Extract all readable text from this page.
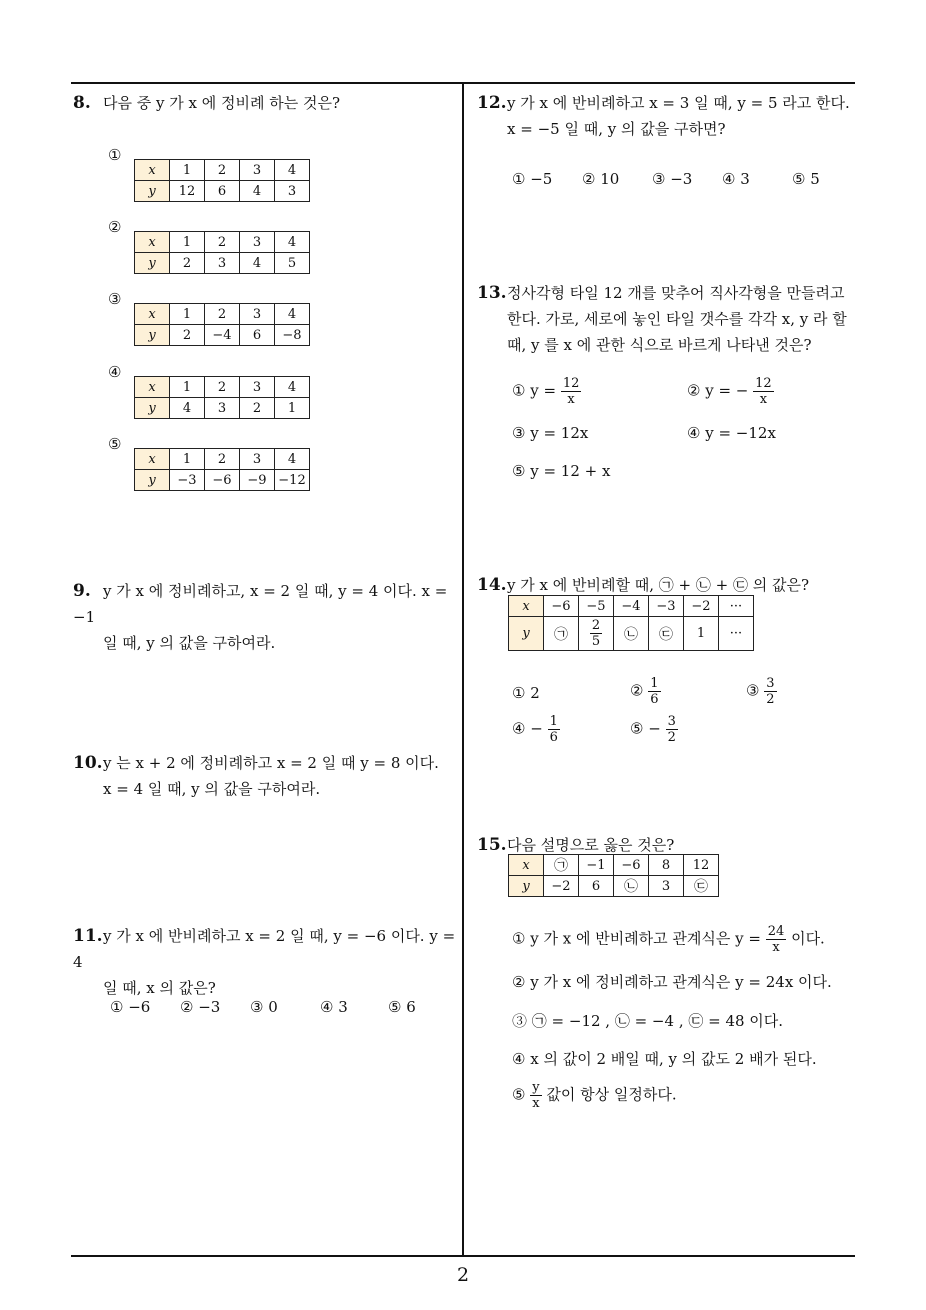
8. 다음 중 y 가 x 에 정비례 하는 것은?
①
x	1	2	3	4
y	12	6	4	3
②
x	1	2	3	4
y	2	3	4	5
③
x	1	2	3	4
y	2	−4	6	−8
④
x	1	2	3	4
y	4	3	2	1
⑤
x	1	2	3	4
y	−3	−6	−9	−12
9. y 가 x 에 정비례하고, x = 2 일 때, y = 4 이다. x = −1
일 때, y 의 값을 구하여라.
10.y 는 x + 2 에 정비례하고 x = 2 일 때 y = 8 이다.
x = 4 일 때, y 의 값을 구하여라.
11.y 가 x 에 반비례하고 x = 2 일 때, y = −6 이다. y = 4
일 때, x 의 값은?
① −6 ② −3 ③ 0	④ 3	⑤ 6
12.y 가 x 에 반비례하고 x = 3 일 때, y = 5 라고 한다.
x = −5 일 때, y 의 값을 구하면?
① −5 ② 10 ③ −3 ④ 3	⑤ 5
13.정사각형 타일 12 개를 맞추어 직사각형을 만들려고
한다. 가로, 세로에 놓인 타일 갯수를 각각 x, y 라 할
때, y 를 x 에 관한 식으로 바르게 나타낸 것은?
① $y = \frac{12}{x}$	② y = − $\frac{12}{x}$
③ y = 12x	④ y = −12x
⑤ y = 12 + x
14.y 가 x 에 반비례할 때, ㉠ + ㉡ + ㉢ 의 값은?
x	−6	−5	−4	−3	−2	···
y	㉠	$\frac{2}{5}$	㉡	㉢	1	···
① 2	② $\frac{1}{6}$	③ $\frac{3}{2}$
④ − $\frac{1}{6}$	⑤ − $\frac{3}{2}$
15.다음 설명으로 옳은 것은?
x	㉠	−1	−6	8	12
y	−2	6	㉡	3	㉢
① y 가 x 에 반비례하고 관계식은 $y = \frac{24}{x}$ 이다.
② y 가 x 에 정비례하고 관계식은 y = 24x 이다.
③ ㉠ = −12 , ㉡ = −4 , ㉢ = 48 이다.
④ x 의 값이 2 배일 때, y 의 값도 2 배가 된다.
⑤ $\frac{y}{x}$ 값이 항상 일정하다.
2
